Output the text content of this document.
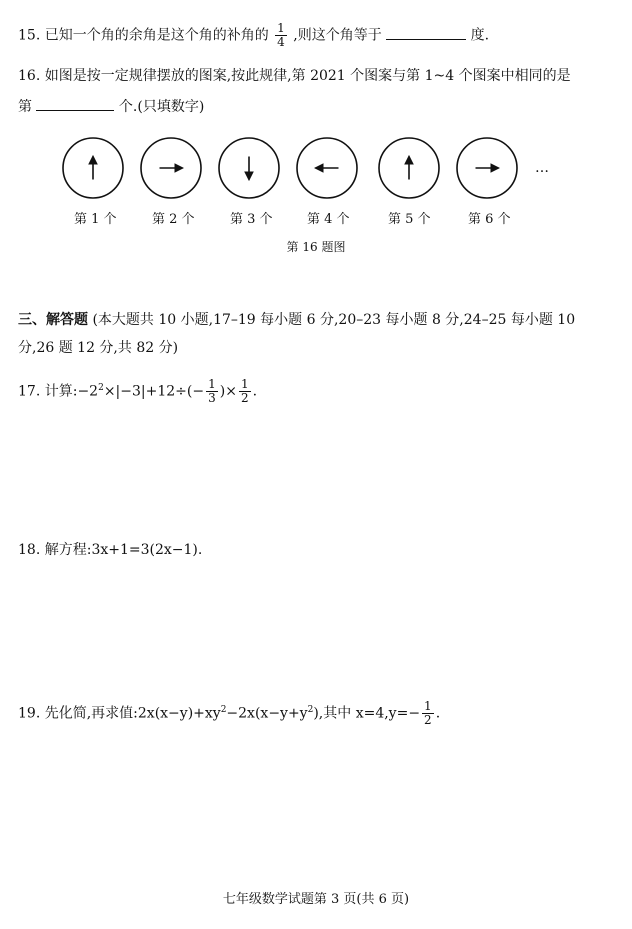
15. 已知一个角的余角是这个角的补角的 $\frac{1}{4}$ ,则这个角等于	度.
16. 如图是按一定规律摆放的图案,按此规律,第 2021 个图案与第 1~4 个图案中相同的是
第	个.(只填数字)
…
第 1 个	第 2 个	第 3 个	第 4 个	第 5 个	第 6 个
第 16 题图
三、解答题 (本大题共 10 小题,17–19 每小题 6 分,20–23 每小题 8 分,24–25 每小题 10
分,26 题 12 分,共 82 分)
17. 计算$:-2^2\times|-3|+12\div(- \frac{1}{3}$ )× $\frac{1}{2}$ .
18. 解方程:3x+1=3(2x−1).
19. 先化简,再求值$:2x(x-y)+xy^2-2x(x-y+y^2)$,其中 $x=4,y=- \frac{1}{2}$ .
七年级数学试题第 3 页(共 6 页)
